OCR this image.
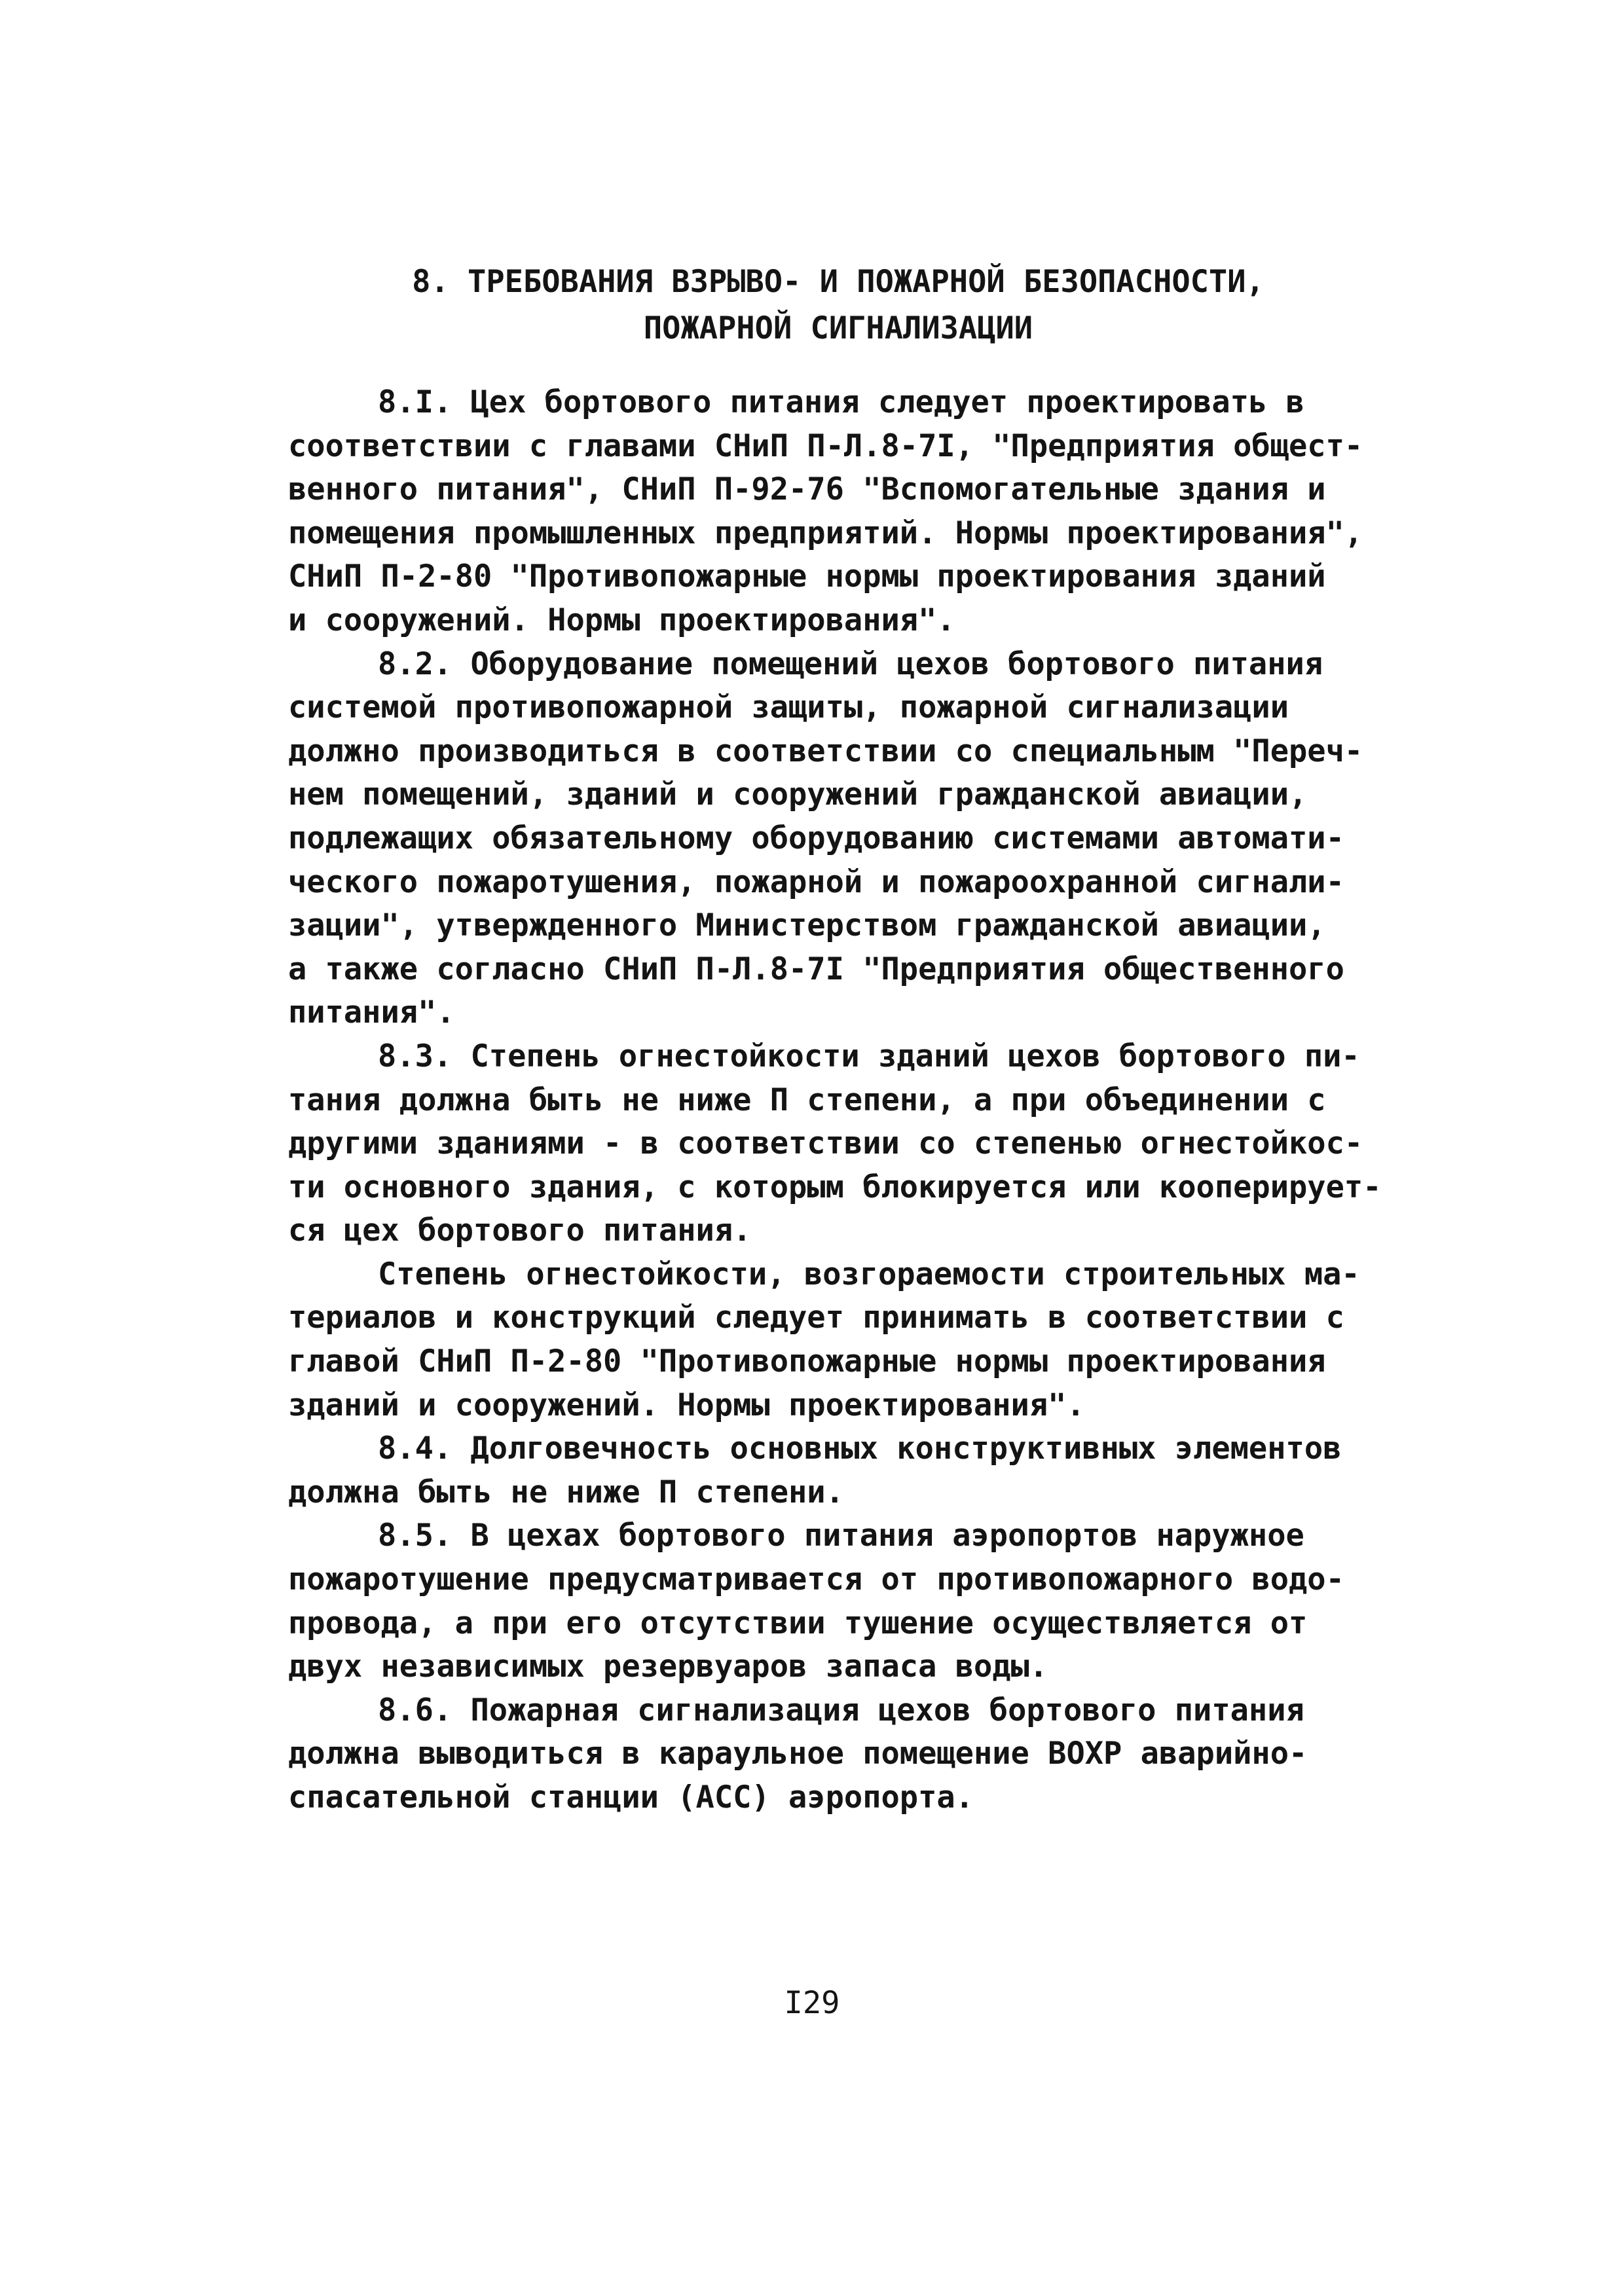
8. ТРЕБОВАНИЯ ВЗРЫВО- И ПОЖАРНОЙ БЕЗОПАСНОСТИ,
ПОЖАРНОЙ СИГНАЛИЗАЦИИ
8.I. Цех бортового питания следует проектировать в
соответствии с главами СНиП П-Л.8-7I, "Предприятия общест-
венного питания", СНиП П-92-76 "Вспомогательные здания и
помещения промышленных предприятий. Нормы проектирования",
СНиП П-2-80 "Противопожарные нормы проектирования зданий
и сооружений. Нормы проектирования".
8.2. Оборудование помещений цехов бортового питания
системой противопожарной защиты, пожарной сигнализации
должно производиться в соответствии со специальным "Переч-
нем помещений, зданий и сооружений гражданской авиации,
подлежащих обязательному оборудованию системами автомати-
ческого пожаротушения, пожарной и пожароохранной сигнали-
зации", утвержденного Министерством гражданской авиации,
а также согласно СНиП П-Л.8-7I "Предприятия общественного
питания".
8.3. Степень огнестойкости зданий цехов бортового пи-
тания должна быть не ниже П степени, а при объединении с
другими зданиями - в соответствии со степенью огнестойкос-
ти основного здания, с которым блокируется или кооперирует-
ся цех бортового питания.
Степень огнестойкости, возгораемости строительных ма-
териалов и конструкций следует принимать в соответствии с
главой СНиП П-2-80 "Противопожарные нормы проектирования
зданий и сооружений. Нормы проектирования".
8.4. Долговечность основных конструктивных элементов
должна быть не ниже П степени.
8.5. В цехах бортового питания аэропортов наружное
пожаротушение предусматривается от противопожарного водо-
провода, а при его отсутствии тушение осуществляется от
двух независимых резервуаров запаса воды.
8.6. Пожарная сигнализация цехов бортового питания
должна выводиться в караульное помещение ВОХР аварийно-
спасательной станции (АСС) аэропорта.
I29
